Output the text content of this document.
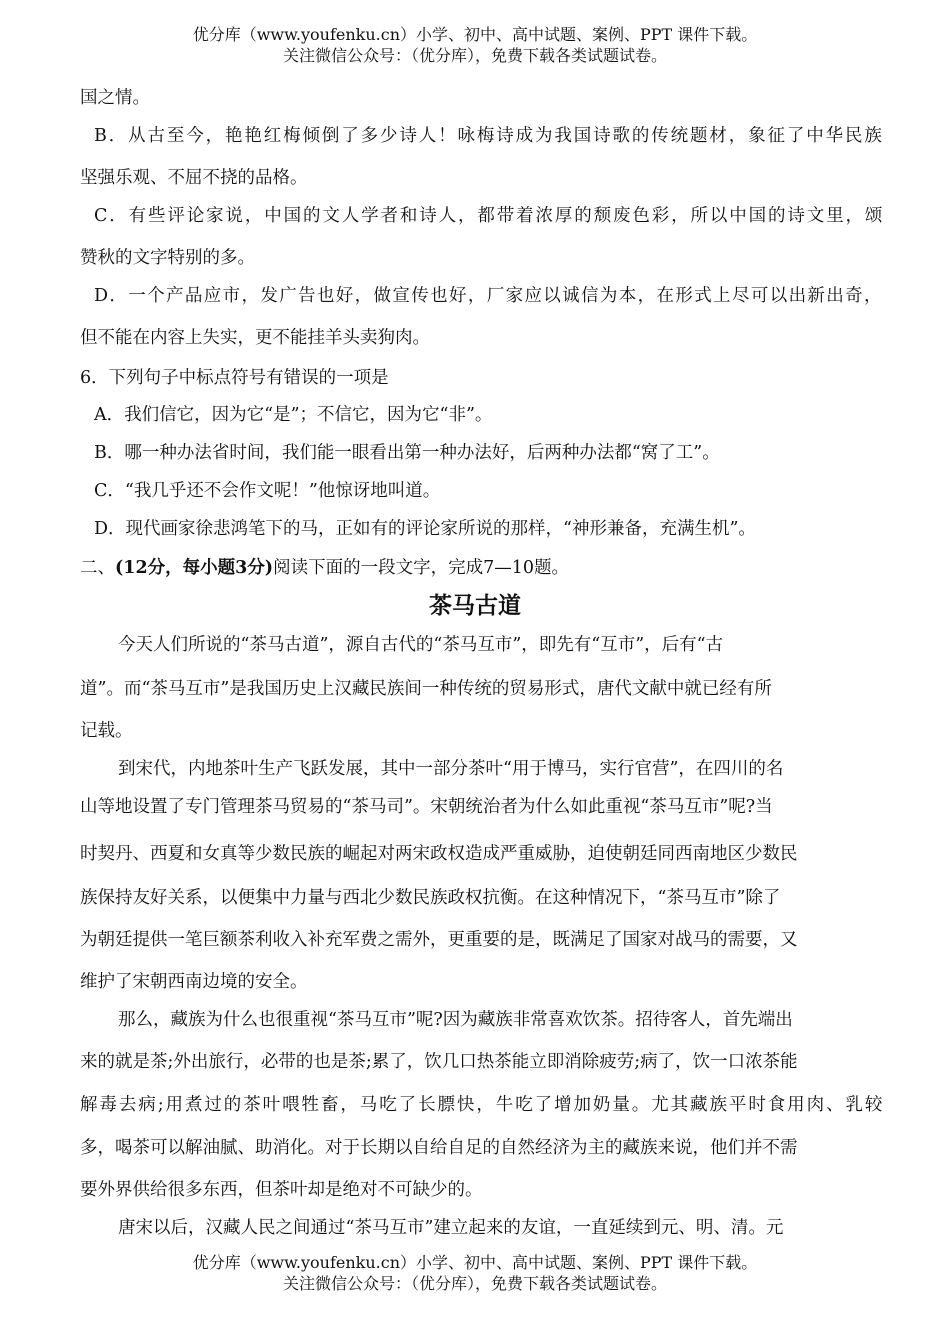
优分库（www.youfenku.cn）小学、初中、高中试题、案例、PPT 课件下载。
关注微信公众号：（优分库），免费下载各类试题试卷。
国之情。
B．从古至今，艳艳红梅倾倒了多少诗人！咏梅诗成为我国诗歌的传统题材，象征了中华民族
坚强乐观、不屈不挠的品格。
C．有些评论家说，中国的文人学者和诗人，都带着浓厚的颓废色彩，所以中国的诗文里，颂
赞秋的文字特别的多。
D．一个产品应市，发广告也好，做宣传也好，厂家应以诚信为本，在形式上尽可以出新出奇，
但不能在内容上失实，更不能挂羊头卖狗肉。
6．下列句子中标点符号有错误的一项是
A．我们信它，因为它“是”；不信它，因为它“非”。
B．哪一种办法省时间，我们能一眼看出第一种办法好，后两种办法都“窝了工”。
C．“我几乎还不会作文呢！”他惊讶地叫道。
D．现代画家徐悲鸿笔下的马，正如有的评论家所说的那样，“神形兼备，充满生机”。
二、(12分，每小题3分)阅读下面的一段文字，完成7—10题。
茶马古道
今天人们所说的“茶马古道”，源自古代的“茶马互市”，即先有“互市”，后有“古
道”。而“茶马互市”是我国历史上汉藏民族间一种传统的贸易形式，唐代文献中就已经有所
记载。
到宋代，内地茶叶生产飞跃发展，其中一部分茶叶“用于博马，实行官营”，在四川的名
山等地设置了专门管理茶马贸易的“茶马司”。宋朝统治者为什么如此重视“茶马互市”呢?当
时契丹、西夏和女真等少数民族的崛起对两宋政权造成严重威胁，迫使朝廷同西南地区少数民
族保持友好关系，以便集中力量与西北少数民族政权抗衡。在这种情况下，“茶马互市”除了
为朝廷提供一笔巨额茶利收入补充军费之需外，更重要的是，既满足了国家对战马的需要，又
维护了宋朝西南边境的安全。
那么，藏族为什么也很重视“茶马互市”呢?因为藏族非常喜欢饮茶。招待客人，首先端出
来的就是茶;外出旅行，必带的也是茶;累了，饮几口热茶能立即消除疲劳;病了，饮一口浓茶能
解毒去病;用煮过的茶叶喂牲畜，马吃了长膘快，牛吃了增加奶量。尤其藏族平时食用肉、乳较
多，喝茶可以解油腻、助消化。对于长期以自给自足的自然经济为主的藏族来说，他们并不需
要外界供给很多东西，但茶叶却是绝对不可缺少的。
唐宋以后，汉藏人民之间通过“茶马互市”建立起来的友谊，一直延续到元、明、清。元
优分库（www.youfenku.cn）小学、初中、高中试题、案例、PPT 课件下载。
关注微信公众号：（优分库），免费下载各类试题试卷。
